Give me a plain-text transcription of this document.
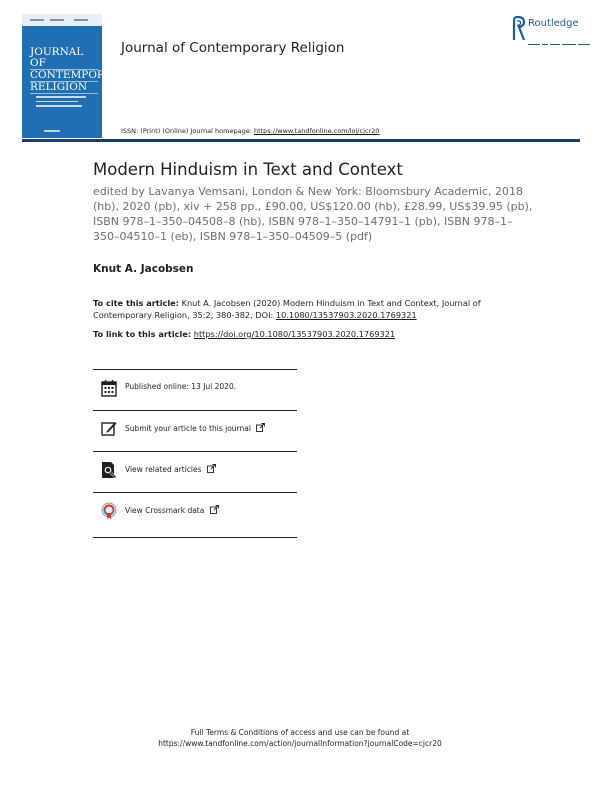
JOURNAL OF
CONTEMPORARY
RELIGION
Journal of Contemporary Religion
Routledge
ISSN: (Print) (Online) Journal homepage: https://www.tandfonline.com/loi/cjcr20
Modern Hinduism in Text and Context
edited by Lavanya Vemsani, London & New York: Bloomsbury Academic, 2018 (hb), 2020 (pb), xiv + 258 pp., £90.00, US$120.00 (hb), £28.99, US$39.95 (pb), ISBN 978–1–350–04508–8 (hb), ISBN 978–1–350–14791–1 (pb), ISBN 978–1–350–04510–1 (eb), ISBN 978–1–350–04509–5 (pdf)
Knut A. Jacobsen
To cite this article: Knut A. Jacobsen (2020) Modern Hinduism in Text and Context, Journal of Contemporary Religion, 35:2, 380-382, DOI: 10.1080/13537903.2020.1769321
To link to this article: https://doi.org/10.1080/13537903.2020.1769321
Published online: 13 Jul 2020.
Submit your article to this journal
View related articles
View Crossmark data
Full Terms & Conditions of access and use can be found at
https://www.tandfonline.com/action/journalInformation?journalCode=cjcr20
